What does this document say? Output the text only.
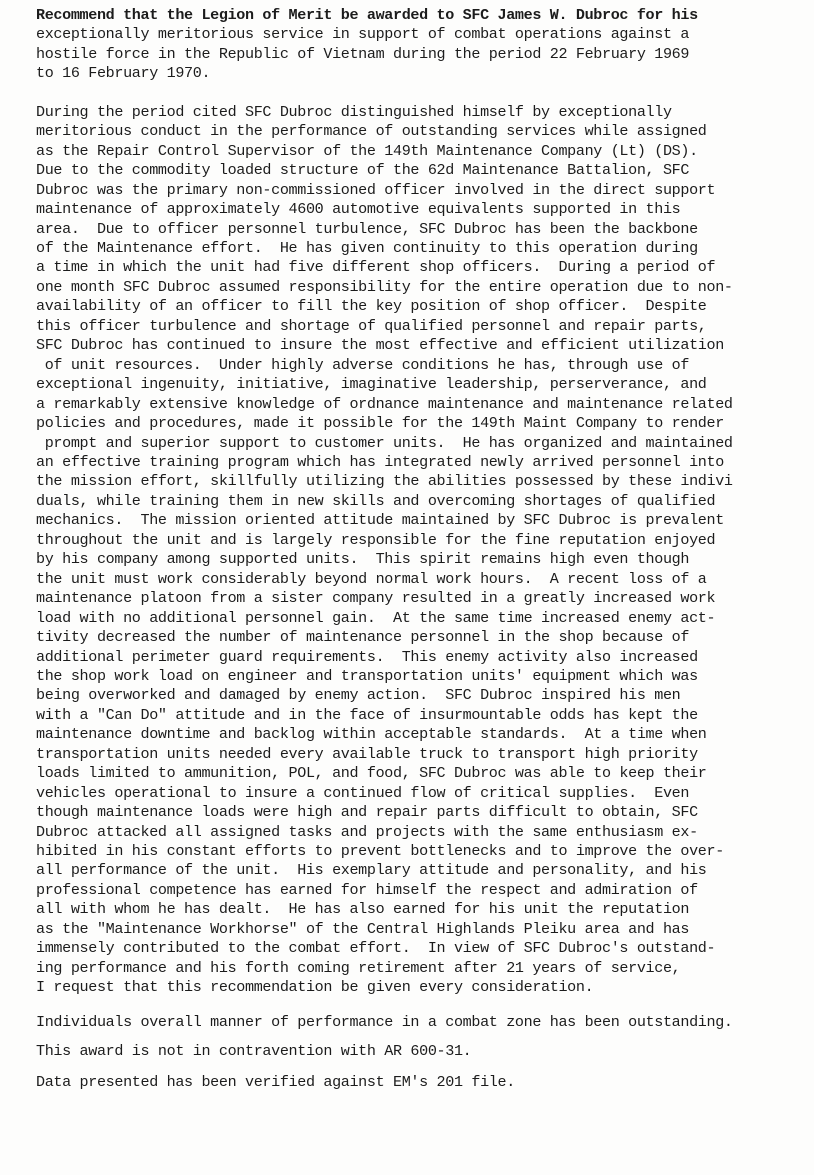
Recommend that the Legion of Merit be awarded to SFC James W. Dubroc for his
exceptionally meritorious service in support of combat operations against a
hostile force in the Republic of Vietnam during the period 22 February 1969
to 16 February 1970.
During the period cited SFC Dubroc distinguished himself by exceptionally
meritorious conduct in the performance of outstanding services while assigned
as the Repair Control Supervisor of the 149th Maintenance Company (Lt) (DS).
Due to the commodity loaded structure of the 62d Maintenance Battalion, SFC
Dubroc was the primary non-commissioned officer involved in the direct support
maintenance of approximately 4600 automotive equivalents supported in this
area.  Due to officer personnel turbulence, SFC Dubroc has been the backbone
of the Maintenance effort.  He has given continuity to this operation during
a time in which the unit had five different shop officers.  During a period of
one month SFC Dubroc assumed responsibility for the entire operation due to non-
availability of an officer to fill the key position of shop officer.  Despite
this officer turbulence and shortage of qualified personnel and repair parts,
SFC Dubroc has continued to insure the most effective and efficient utilization
of unit resources.  Under highly adverse conditions he has, through use of
exceptional ingenuity, initiative, imaginative leadership, perserverance, and
a remarkably extensive knowledge of ordnance maintenance and maintenance related
policies and procedures, made it possible for the 149th Maint Company to render
prompt and superior support to customer units.  He has organized and maintained
an effective training program which has integrated newly arrived personnel into
the mission effort, skillfully utilizing the abilities possessed by these indivi
duals, while training them in new skills and overcoming shortages of qualified
mechanics.  The mission oriented attitude maintained by SFC Dubroc is prevalent
throughout the unit and is largely responsible for the fine reputation enjoyed
by his company among supported units.  This spirit remains high even though
the unit must work considerably beyond normal work hours.  A recent loss of a
maintenance platoon from a sister company resulted in a greatly increased work
load with no additional personnel gain.  At the same time increased enemy act-
tivity decreased the number of maintenance personnel in the shop because of
additional perimeter guard requirements.  This enemy activity also increased
the shop work load on engineer and transportation units' equipment which was
being overworked and damaged by enemy action.  SFC Dubroc inspired his men
with a "Can Do" attitude and in the face of insurmountable odds has kept the
maintenance downtime and backlog within acceptable standards.  At a time when
transportation units needed every available truck to transport high priority
loads limited to ammunition, POL, and food, SFC Dubroc was able to keep their
vehicles operational to insure a continued flow of critical supplies.  Even
though maintenance loads were high and repair parts difficult to obtain, SFC
Dubroc attacked all assigned tasks and projects with the same enthusiasm ex-
hibited in his constant efforts to prevent bottlenecks and to improve the over-
all performance of the unit.  His exemplary attitude and personality, and his
professional competence has earned for himself the respect and admiration of
all with whom he has dealt.  He has also earned for his unit the reputation
as the "Maintenance Workhorse" of the Central Highlands Pleiku area and has
immensely contributed to the combat effort.  In view of SFC Dubroc's outstand-
ing performance and his forth coming retirement after 21 years of service,
I request that this recommendation be given every consideration.
Individuals overall manner of performance in a combat zone has been outstanding.
This award is not in contravention with AR 600-31.
Data presented has been verified against EM's 201 file.
